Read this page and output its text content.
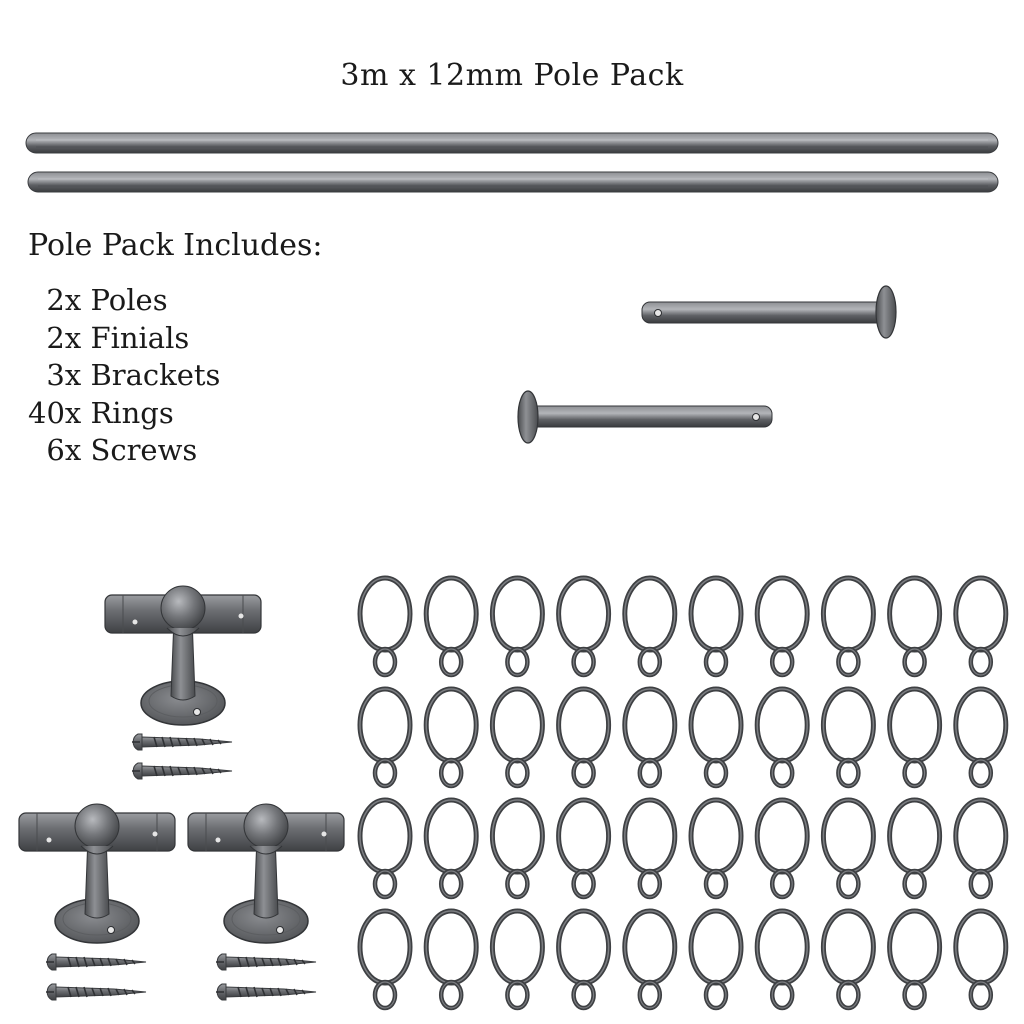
3m x 12mm Pole Pack
Pole Pack Includes:
2x Poles
2x Finials
3x Brackets
40x Rings
6x Screws
